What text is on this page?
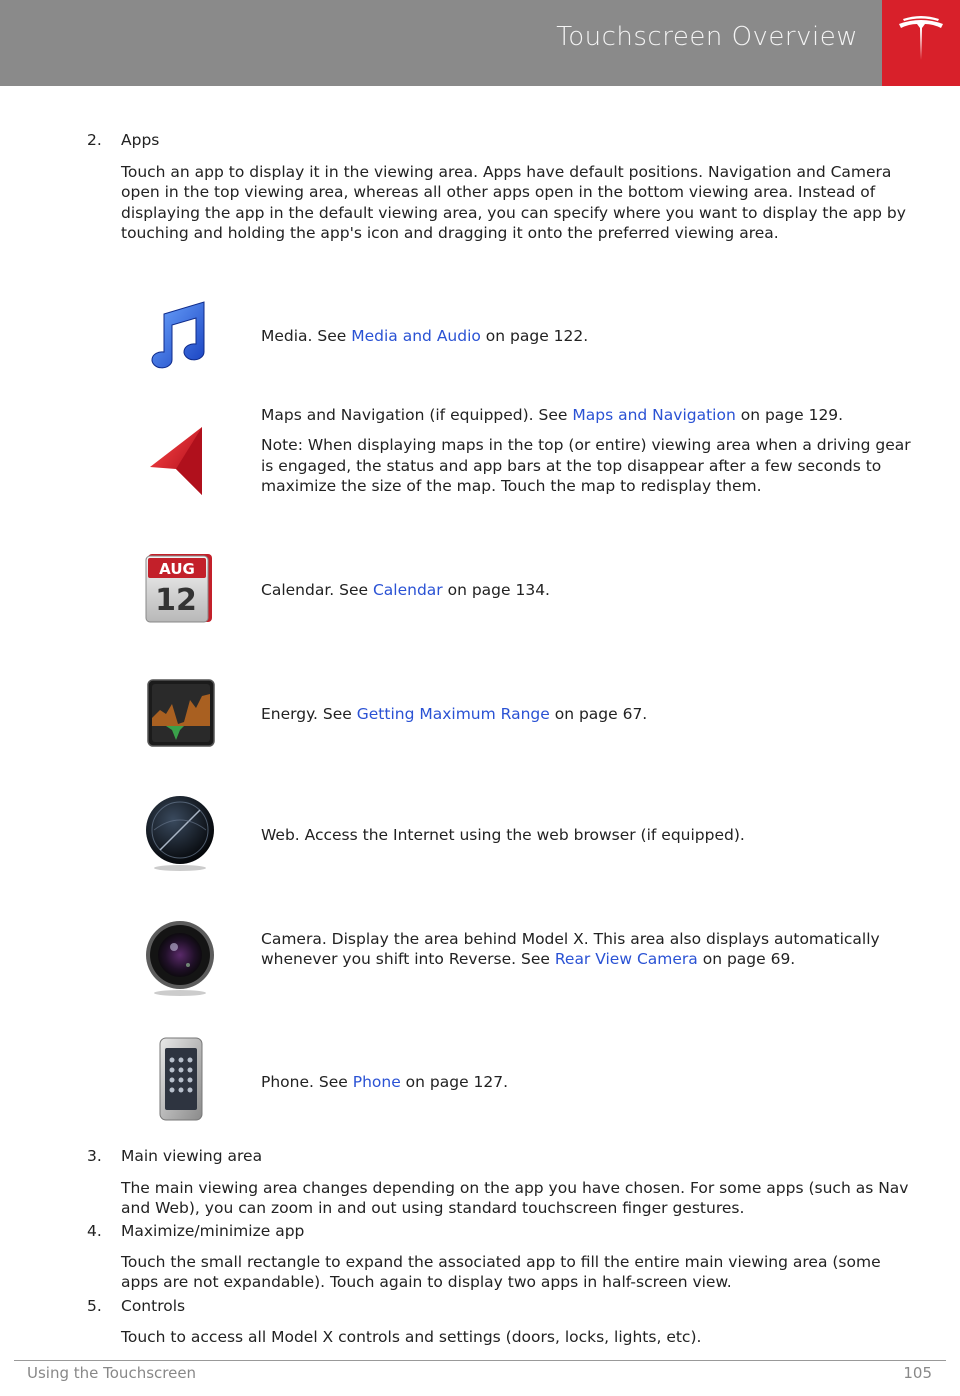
Touchscreen Overview
2. Apps
Touch an app to display it in the viewing area. Apps have default positions. Navigation and Camera open in the top viewing area, whereas all other apps open in the bottom viewing area. Instead of displaying the app in the default viewing area, you can specify where you want to display the app by touching and holding the app's icon and dragging it onto the preferred viewing area.

Media. See Media and Audio on page 122.

Maps and Navigation (if equipped). See Maps and Navigation on page 129.

Note: When displaying maps in the top (or entire) viewing area when a driving gear is engaged, the status and app bars at the top disappear after a few seconds to maximize the size of the map. Touch the map to redisplay them.

AUG
12	Calendar. See Calendar on page 134.

Energy. See Getting Maximum Range on page 67.

Web. Access the Internet using the web browser (if equipped).

Camera. Display the area behind Model X. This area also displays automatically whenever you shift into Reverse. See Rear View Camera on page 69.

Phone. See Phone on page 127.

3. Main viewing area
The main viewing area changes depending on the app you have chosen. For some apps (such as Nav and Web), you can zoom in and out using standard touchscreen finger gestures.
4. Maximize/minimize app
Touch the small rectangle to expand the associated app to fill the entire main viewing area (some apps are not expandable). Touch again to display two apps in half-screen view.
5. Controls
Touch to access all Model X controls and settings (doors, locks, lights, etc).
Using the Touchscreen	105
